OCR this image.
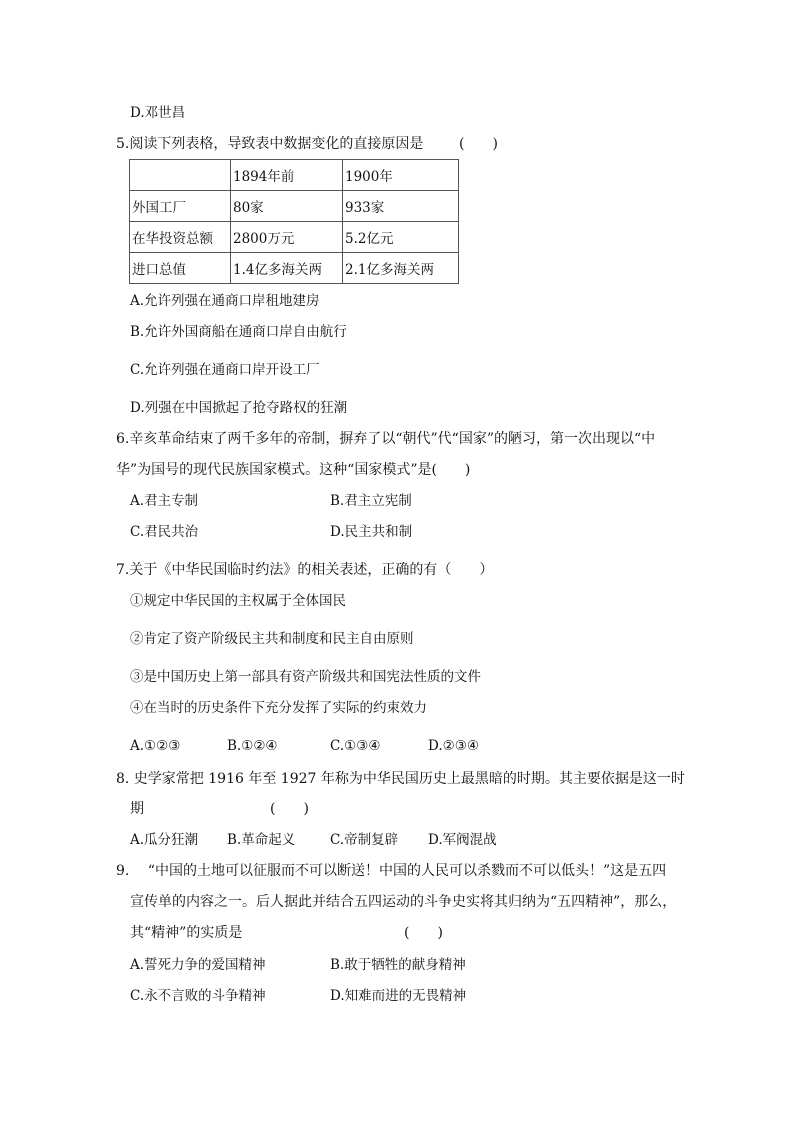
D.邓世昌
5.阅读下列表格，导致表中数据变化的直接原因是	(　　)
	1894年前	1900年
外国工厂	80家	933家
在华投资总额	2800万元	5.2亿元
进口总值	1.4亿多海关两	2.1亿多海关两
A.允许列强在通商口岸租地建房
B.允许外国商船在通商口岸自由航行
C.允许列强在通商口岸开设工厂
D.列强在中国掀起了抢夺路权的狂潮
6.辛亥革命结束了两千多年的帝制，摒弃了以“朝代”代“国家”的陋习，第一次出现以“中
华”为国号的现代民族国家模式。这种“国家模式”是(　　)
A.君主专制	B.君主立宪制
C.君民共治	D.民主共和制
7.关于《中华民国临时约法》的相关表述，正确的有（　　）
①规定中华民国的主权属于全体国民
②肯定了资产阶级民主共和制度和民主自由原则
③是中国历史上第一部具有资产阶级共和国宪法性质的文件
④在当时的历史条件下充分发挥了实际的约束效力
A.①②③	B.①②④	C.①③④	D.②③④
8. 史学家常把 1916 年至 1927 年称为中华民国历史上最黑暗的时期。其主要依据是这一时
期	(　　)
A.瓜分狂潮 B.革命起义	C.帝制复辟 D.军阀混战
9.　 “中国的土地可以征服而不可以断送！中国的人民可以杀戮而不可以低头！”这是五四
宣传单的内容之一。后人据此并结合五四运动的斗争史实将其归纳为“五四精神”，那么，
其“精神”的实质是	(　　)
A.誓死力争的爱国精神	B.敢于牺牲的献身精神
C.永不言败的斗争精神	D.知难而进的无畏精神
